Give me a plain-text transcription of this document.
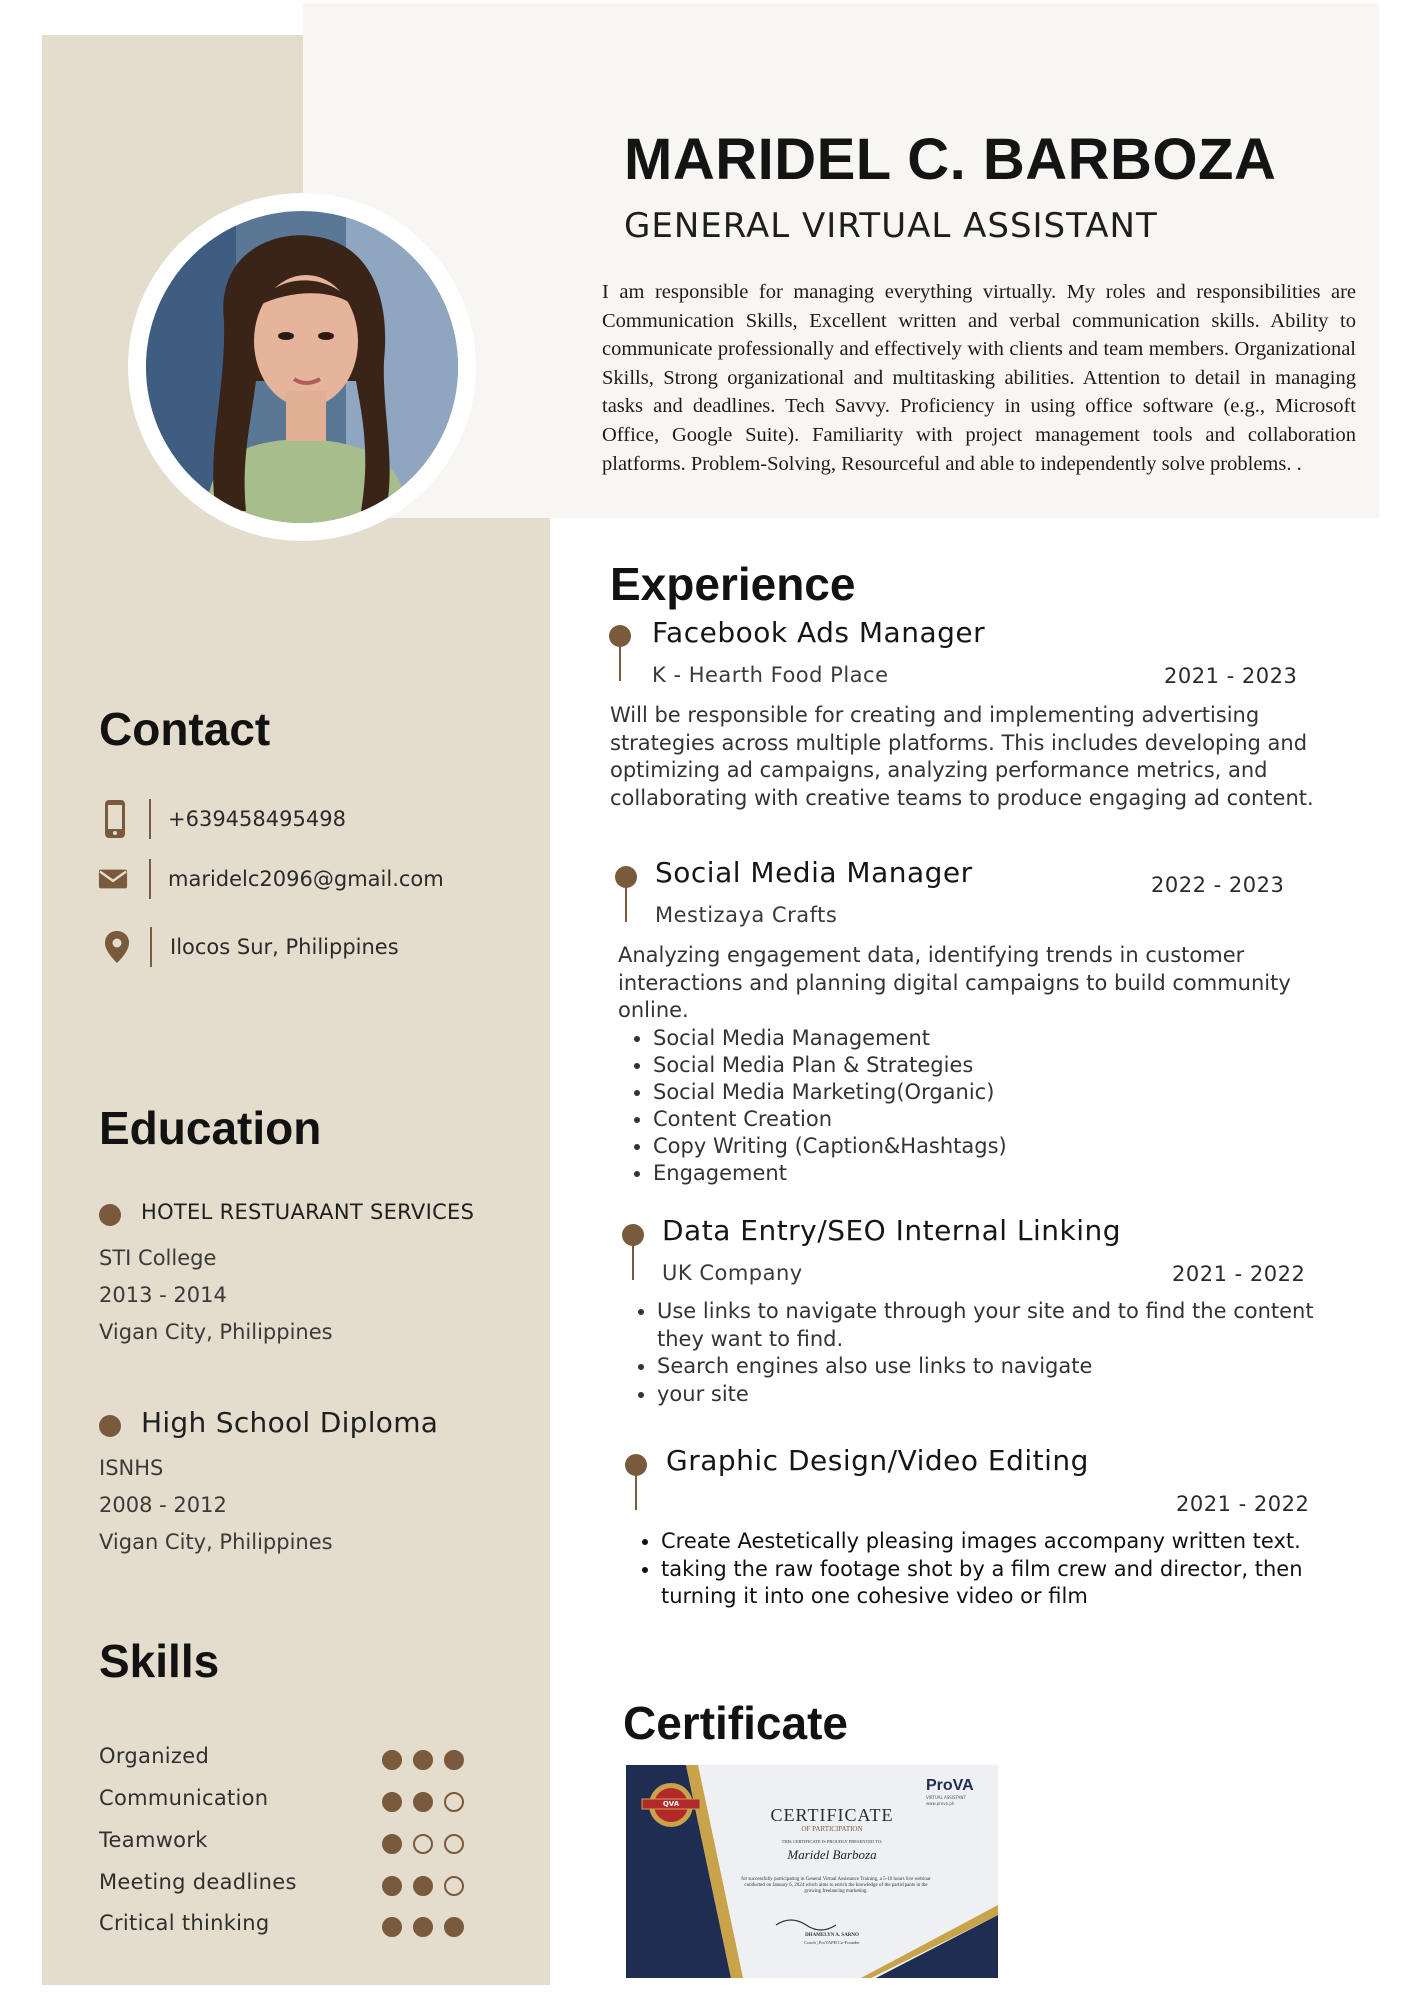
MARIDEL C. BARBOZA
GENERAL VIRTUAL ASSISTANT
I am responsible for managing everything virtually. My roles and responsibilities are Communication Skills, Excellent written and verbal communication skills. Ability to communicate professionally and effectively with clients and team members. Organizational Skills, Strong organizational and multitasking abilities. Attention to detail in managing tasks and deadlines. Tech Savvy. Proficiency in using office software (e.g., Microsoft Office, Google Suite). Familiarity with project management tools and collaboration platforms. Problem-Solving, Resourceful and able to independently solve problems. .
Contact
+639458495498
maridelc2096@gmail.com
Ilocos Sur, Philippines
Education
HOTEL RESTUARANT SERVICES
STI College
2013 - 2014
Vigan City, Philippines
High School Diploma
ISNHS
2008 - 2012
Vigan City, Philippines
Skills
Organized
Communication
Teamwork
Meeting deadlines
Critical thinking
Experience
Facebook Ads Manager
K - Hearth Food Place	2021 - 2023
Will be responsible for creating and implementing advertising strategies across multiple platforms. This includes developing and optimizing ad campaigns, analyzing performance metrics, and collaborating with creative teams to produce engaging ad content.
Social Media Manager	2022 - 2023
Mestizaya Crafts
Analyzing engagement data, identifying trends in customer interactions and planning digital campaigns to build community online.
• Social Media Management
• Social Media Plan & Strategies
• Social Media Marketing(Organic)
• Content Creation
• Copy Writing (Caption&Hashtags)
• Engagement
Data Entry/SEO Internal Linking
UK Company	2021 - 2022
• Use links to navigate through your site and to find the content they want to find.
• Search engines also use links to navigate
• your site
Graphic Design/Video Editing
2021 - 2022
• Create Aestetically pleasing images accompany written text.
• taking the raw footage shot by a film crew and director, then turning it into one cohesive video or film
Certificate
CERTIFICATE
OF PARTICIPATION
THIS CERTIFICATE IS PROUDLY PRESENTED TO:
Maridel Barboza
for successfully participating in General Virtual Assistance Training, a 5-10 hours live webinar conducted on January 6, 2024 which aims to enrich the knowledge of the participants in the growing freelancing marketing.
DHAMELYN A. SARNO
Coach | ProVAPH Co-Founder
ProVA
VIRTUAL ASSISTANT
www.prova.ph
QVA
